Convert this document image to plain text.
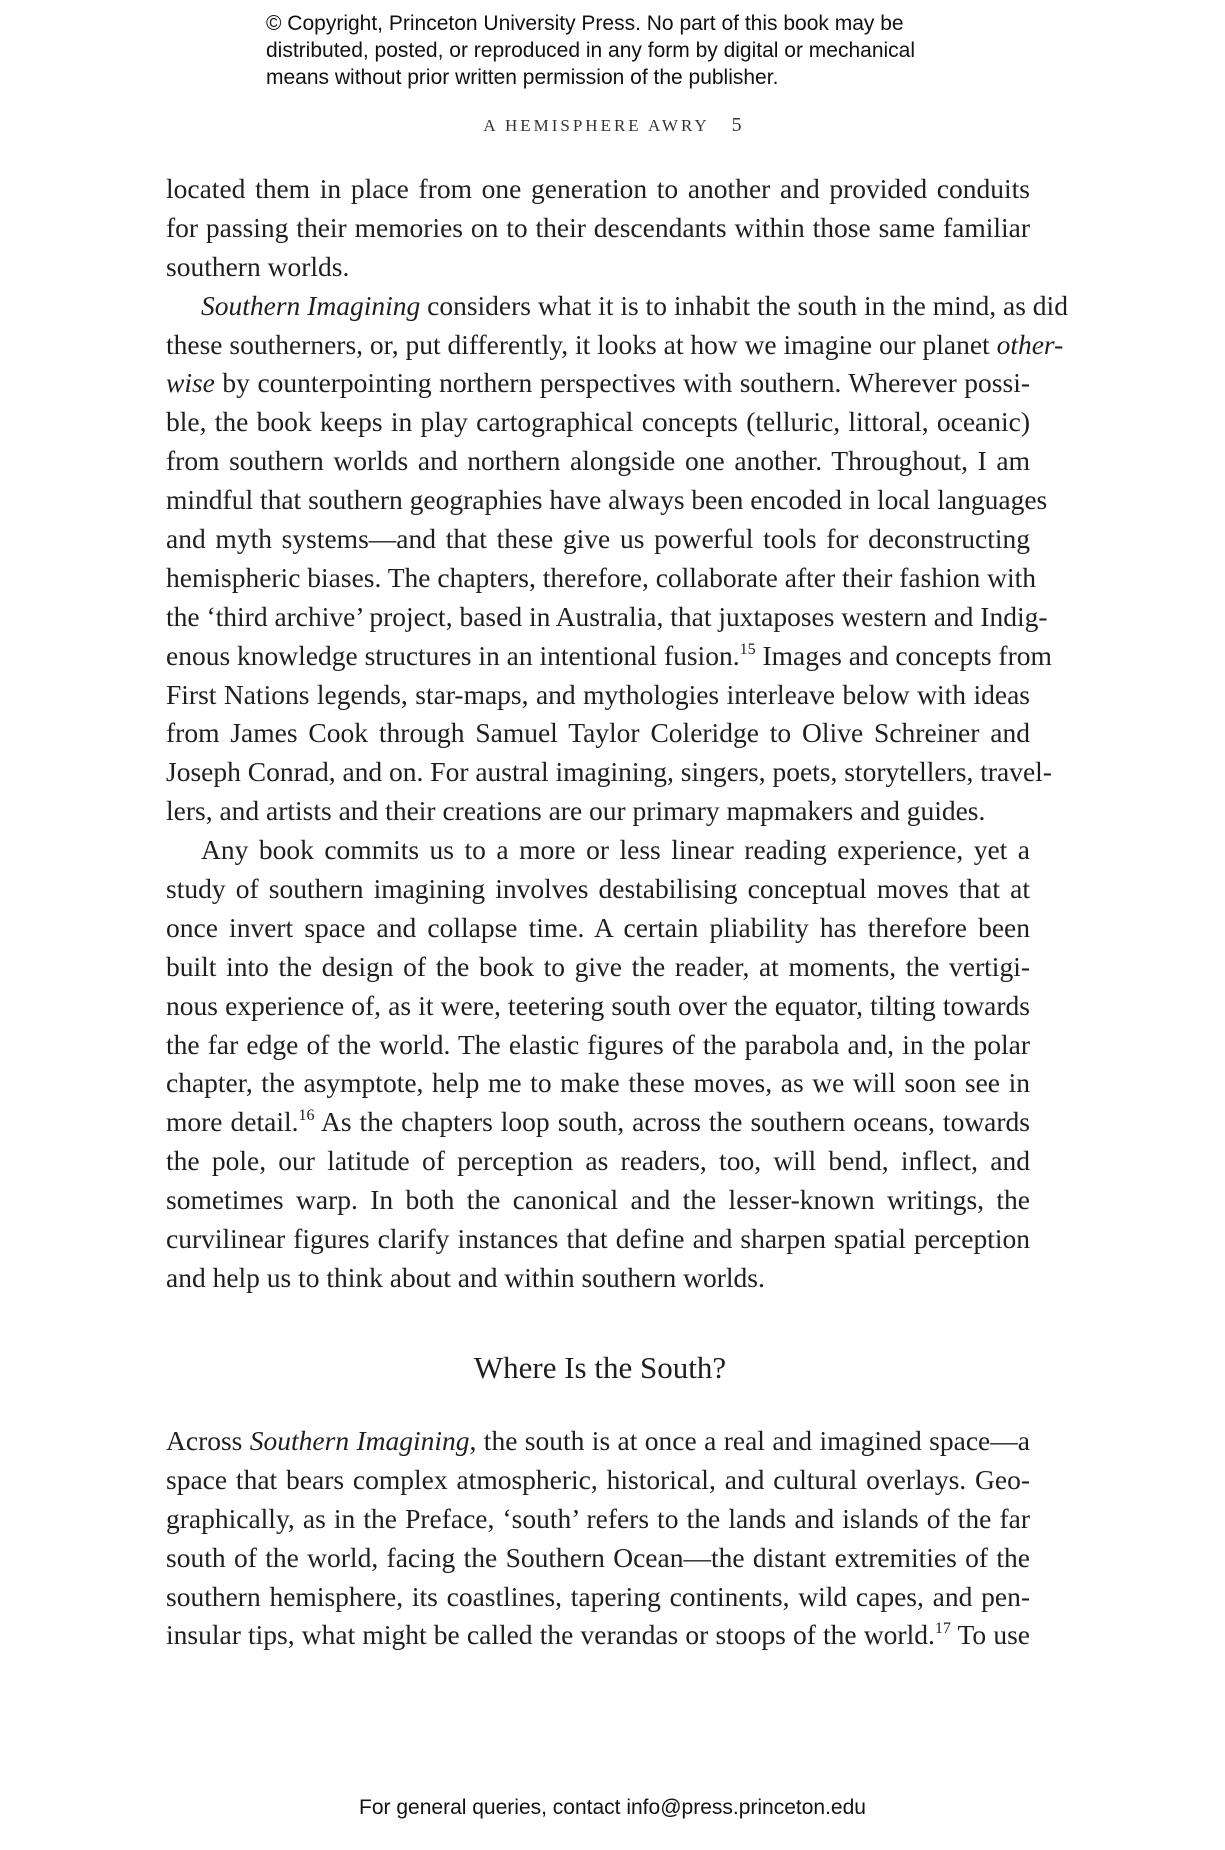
© Copyright, Princeton University Press. No part of this book may be
distributed, posted, or reproduced in any form by digital or mechanical
means without prior written permission of the publisher.
A HEMISPHERE AWRY 5
located them in place from one generation to another and provided conduits
for passing their memories on to their descendants within those same familiar
southern worlds.
Southern Imagining considers what it is to inhabit the south in the mind, as did
these southerners, or, put differently, it looks at how we imagine our planet other-
wise by counterpointing northern perspectives with southern. Wherever possi-
ble, the book keeps in play cartographical concepts (telluric, littoral, oceanic)
from southern worlds and northern alongside one another. Throughout, I am
mindful that southern geographies have always been encoded in local languages
and myth systems—and that these give us powerful tools for deconstructing
hemispheric biases. The chapters, therefore, collaborate after their fashion with
the ‘third archive’ project, based in Australia, that juxtaposes western and Indig-
enous knowledge structures in an intentional fusion.$^{15}$ Images and concepts from
First Nations legends, star-maps, and mythologies interleave below with ideas
from James Cook through Samuel Taylor Coleridge to Olive Schreiner and
Joseph Conrad, and on. For austral imagining, singers, poets, storytellers, travel-
lers, and artists and their creations are our primary mapmakers and guides.
Any book commits us to a more or less linear reading experience, yet a
study of southern imagining involves destabilising conceptual moves that at
once invert space and collapse time. A certain pliability has therefore been
built into the design of the book to give the reader, at moments, the vertigi-
nous experience of, as it were, teetering south over the equator, tilting towards
the far edge of the world. The elastic figures of the parabola and, in the polar
chapter, the asymptote, help me to make these moves, as we will soon see in
more detail.$^{16}$ As the chapters loop south, across the southern oceans, towards
the pole, our latitude of perception as readers, too, will bend, inflect, and
sometimes warp. In both the canonical and the lesser-known writings, the
curvilinear figures clarify instances that define and sharpen spatial perception
and help us to think about and within southern worlds.
Where Is the South?
Across Southern Imagining, the south is at once a real and imagined space—a
space that bears complex atmospheric, historical, and cultural overlays. Geo-
graphically, as in the Preface, ‘south’ refers to the lands and islands of the far
south of the world, facing the Southern Ocean—the distant extremities of the
southern hemisphere, its coastlines, tapering continents, wild capes, and pen-
insular tips, what might be called the verandas or stoops of the world.$^{17}$ To use
For general queries, contact info@press.princeton.edu
